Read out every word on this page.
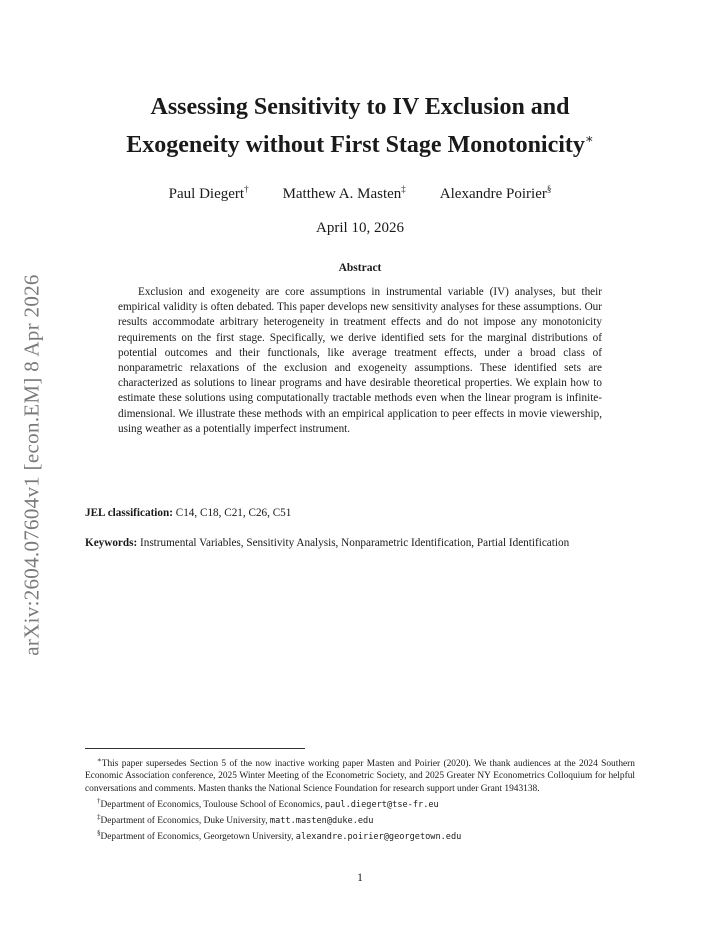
arXiv:2604.07604v1 [econ.EM] 8 Apr 2026
Assessing Sensitivity to IV Exclusion and
Exogeneity without First Stage Monotonicity∗
Paul Diegert† Matthew A. Masten‡ Alexandre Poirier§
April 10, 2026
Abstract

Exclusion and exogeneity are core assumptions in instrumental variable (IV) analyses, but their empirical validity is often debated. This paper develops new sensitivity analyses for these assumptions. Our results accommodate arbitrary heterogeneity in treatment effects and do not impose any monotonicity requirements on the first stage. Specifically, we derive identified sets for the marginal distributions of potential outcomes and their functionals, like average treatment effects, under a broad class of nonparametric relaxations of the exclusion and exogeneity assumptions. These identified sets are characterized as solutions to linear programs and have desirable theoretical properties. We explain how to estimate these solutions using computationally tractable methods even when the linear program is infinite-dimensional. We illustrate these methods with an empirical application to peer effects in movie viewership, using weather as a potentially imperfect instrument.

JEL classification: C14, C18, C21, C26, C51

Keywords: Instrumental Variables, Sensitivity Analysis, Nonparametric Identification, Partial Identification

∗This paper supersedes Section 5 of the now inactive working paper Masten and Poirier (2020). We thank audiences at the 2024 Southern Economic Association conference, 2025 Winter Meeting of the Econometric Society, and 2025 Greater NY Econometrics Colloquium for helpful conversations and comments. Masten thanks the National Science Foundation for research support under Grant 1943138.

†Department of Economics, Toulouse School of Economics, paul.diegert@tse-fr.eu

‡Department of Economics, Duke University, matt.masten@duke.edu

§Department of Economics, Georgetown University, alexandre.poirier@georgetown.edu

1
